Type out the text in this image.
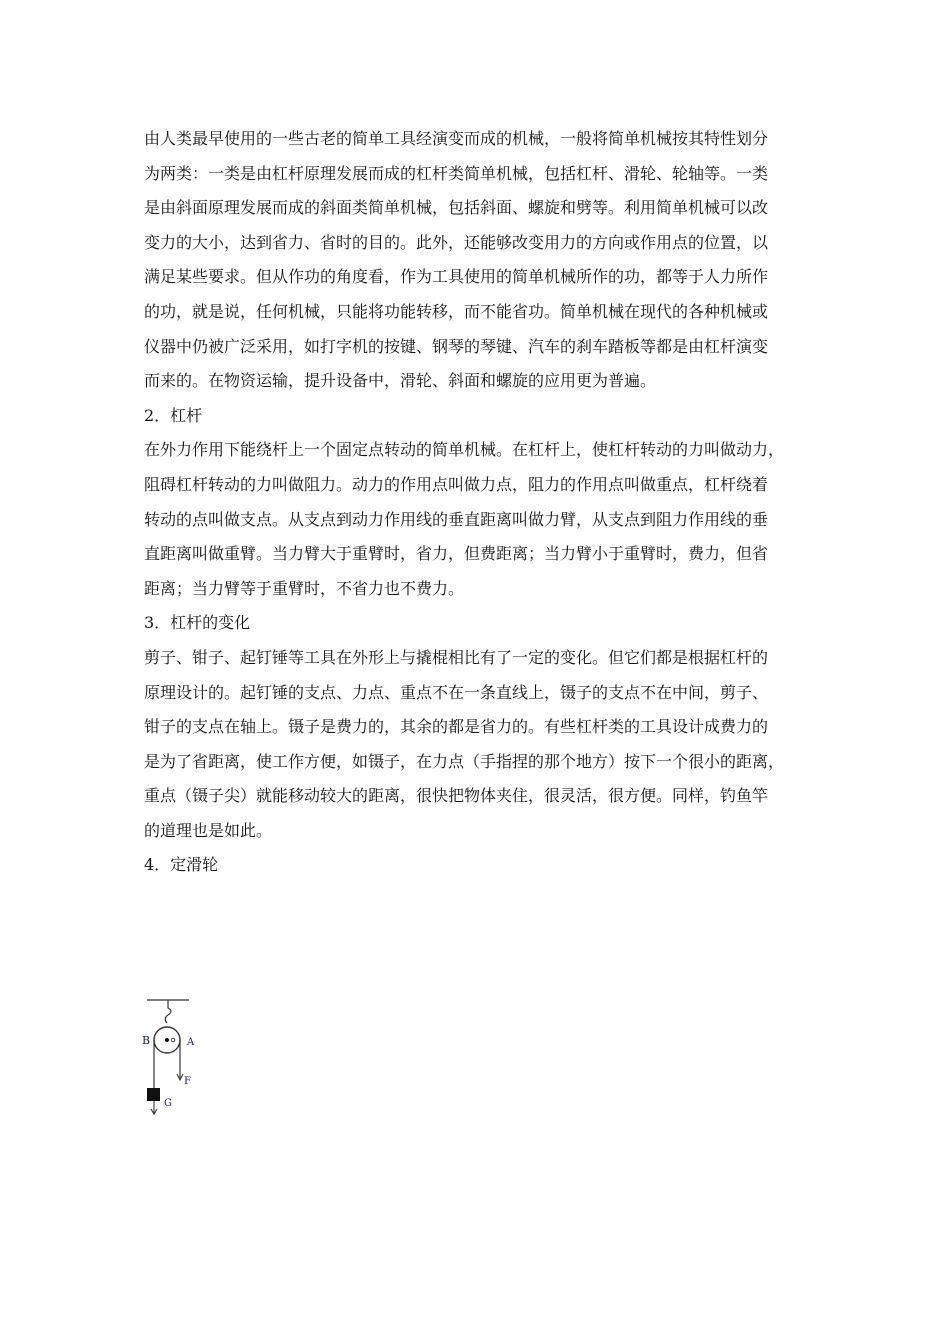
由人类最早使用的一些古老的简单工具经演变而成的机械，一般将简单机械按其特性划分
为两类：一类是由杠杆原理发展而成的杠杆类简单机械，包括杠杆、滑轮、轮轴等。一类
是由斜面原理发展而成的斜面类简单机械，包括斜面、螺旋和劈等。利用简单机械可以改
变力的大小，达到省力、省时的目的。此外，还能够改变用力的方向或作用点的位置，以
满足某些要求。但从作功的角度看，作为工具使用的简单机械所作的功，都等于人力所作
的功，就是说，任何机械，只能将功能转移，而不能省功。简单机械在现代的各种机械或
仪器中仍被广泛采用，如打字机的按键、钢琴的琴键、汽车的刹车踏板等都是由杠杆演变
而来的。在物资运输，提升设备中，滑轮、斜面和螺旋的应用更为普遍。
2．杠杆
在外力作用下能绕杆上一个固定点转动的简单机械。在杠杆上，使杠杆转动的力叫做动力，
阻碍杠杆转动的力叫做阻力。动力的作用点叫做力点，阻力的作用点叫做重点，杠杆绕着
转动的点叫做支点。从支点到动力作用线的垂直距离叫做力臂，从支点到阻力作用线的垂
直距离叫做重臂。当力臂大于重臂时，省力，但费距离；当力臂小于重臂时，费力，但省
距离；当力臂等于重臂时，不省力也不费力。
3．杠杆的变化
剪子、钳子、起钉锤等工具在外形上与撬棍相比有了一定的变化。但它们都是根据杠杆的
原理设计的。起钉锤的支点、力点、重点不在一条直线上，镊子的支点不在中间，剪子、
钳子的支点在轴上。镊子是费力的，其余的都是省力的。有些杠杆类的工具设计成费力的
是为了省距离，使工作方便，如镊子，在力点（手指捏的那个地方）按下一个很小的距离，
重点（镊子尖）就能移动较大的距离，很快把物体夹住，很灵活，很方便。同样，钓鱼竿
的道理也是如此。
4．定滑轮
B	A
F
G
